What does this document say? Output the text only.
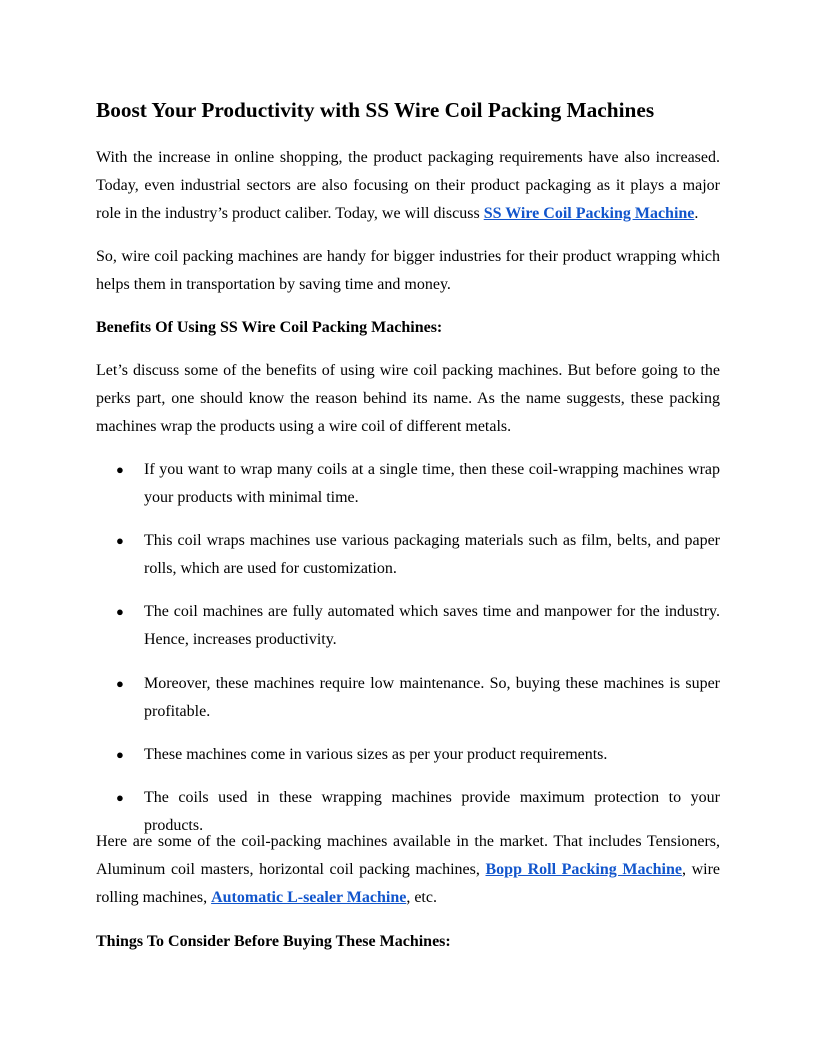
Boost Your Productivity with SS Wire Coil Packing Machines

With the increase in online shopping, the product packaging requirements have also increased. Today, even industrial sectors are also focusing on their product packaging as it plays a major role in the industry’s product caliber. Today, we will discuss SS Wire Coil Packing Machine.

So, wire coil packing machines are handy for bigger industries for their product wrapping which helps them in transportation by saving time and money.

Benefits Of Using SS Wire Coil Packing Machines:

Let’s discuss some of the benefits of using wire coil packing machines. But before going to the perks part, one should know the reason behind its name. As the name suggests, these packing machines wrap the products using a wire coil of different metals.

● If you want to wrap many coils at a single time, then these coil-wrapping machines wrap your products with minimal time.
● This coil wraps machines use various packaging materials such as film, belts, and paper rolls, which are used for customization.
● The coil machines are fully automated which saves time and manpower for the industry. Hence, increases productivity.
● Moreover, these machines require low maintenance. So, buying these machines is super profitable.
● These machines come in various sizes as per your product requirements.
● The coils used in these wrapping machines provide maximum protection to your products.

Here are some of the coil-packing machines available in the market. That includes Tensioners, Aluminum coil masters, horizontal coil packing machines, Bopp Roll Packing Machine, wire rolling machines, Automatic L-sealer Machine, etc.

Things To Consider Before Buying These Machines:
